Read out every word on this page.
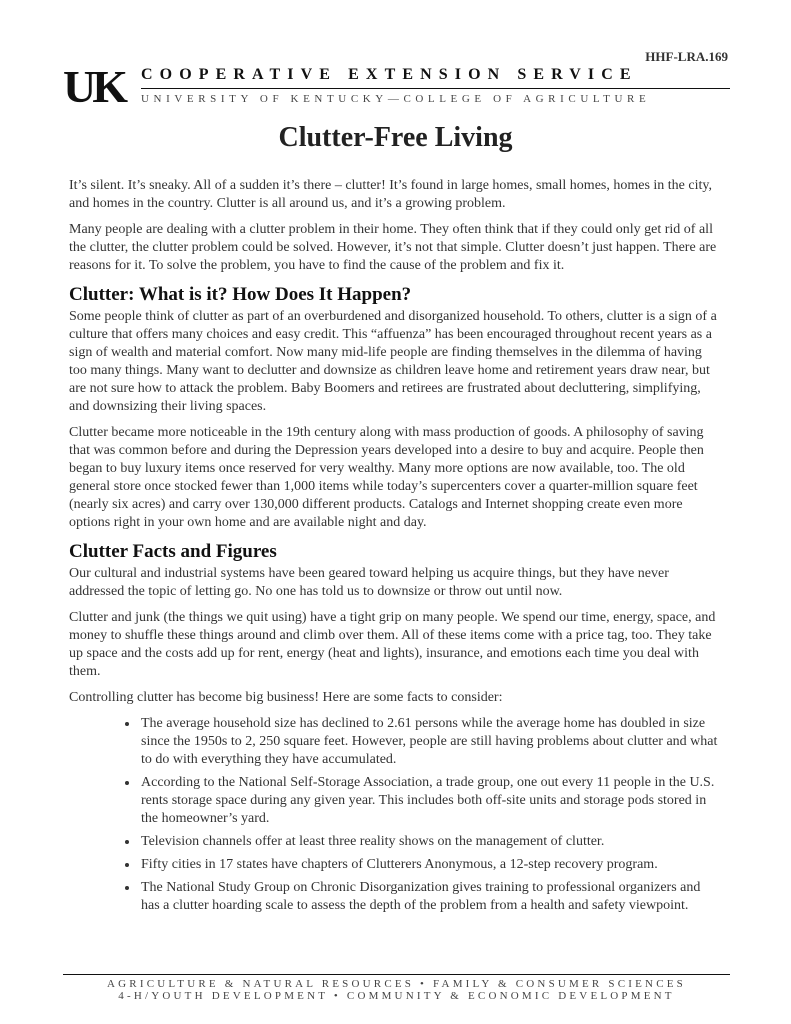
HHF-LRA.169
UK COOPERATIVE EXTENSION SERVICE
UNIVERSITY OF KENTUCKY—COLLEGE OF AGRICULTURE
Clutter-Free Living

It’s silent. It’s sneaky. All of a sudden it’s there – clutter! It’s found in large homes, small homes, homes in the city, and homes in the country. Clutter is all around us, and it’s a growing problem.

Many people are dealing with a clutter problem in their home. They often think that if they could only get rid of all the clutter, the clutter problem could be solved. However, it’s not that simple. Clutter doesn’t just happen. There are reasons for it. To solve the problem, you have to find the cause of the problem and fix it.

Clutter: What is it? How Does It Happen?

Some people think of clutter as part of an overburdened and disorganized household. To others, clutter is a sign of a culture that offers many choices and easy credit. This “affuenza” has been encouraged throughout recent years as a sign of wealth and material comfort. Now many mid-life people are finding themselves in the dilemma of having too many things. Many want to declutter and downsize as children leave home and retirement years draw near, but are not sure how to attack the problem. Baby Boomers and retirees are frustrated about decluttering, simplifying, and downsizing their living spaces.

Clutter became more noticeable in the 19th century along with mass production of goods. A philosophy of saving that was common before and during the Depression years developed into a desire to buy and acquire. People then began to buy luxury items once reserved for very wealthy. Many more options are now available, too. The old general store once stocked fewer than 1,000 items while today’s supercenters cover a quarter-million square feet (nearly six acres) and carry over 130,000 different products. Catalogs and Internet shopping create even more options right in your own home and are available night and day.

Clutter Facts and Figures

Our cultural and industrial systems have been geared toward helping us acquire things, but they have never addressed the topic of letting go. No one has told us to downsize or throw out until now.

Clutter and junk (the things we quit using) have a tight grip on many people. We spend our time, energy, space, and money to shuffle these things around and climb over them. All of these items come with a price tag, too. They take up space and the costs add up for rent, energy (heat and lights), insurance, and emotions each time you deal with them.

Controlling clutter has become big business! Here are some facts to consider:

• The average household size has declined to 2.61 persons while the average home has doubled in size since the 1950s to 2, 250 square feet. However, people are still having problems about clutter and what to do with everything they have accumulated.
• According to the National Self-Storage Association, a trade group, one out every 11 people in the U.S. rents storage space during any given year. This includes both off-site units and storage pods stored in the homeowner’s yard.
• Television channels offer at least three reality shows on the management of clutter.
• Fifty cities in 17 states have chapters of Clutterers Anonymous, a 12-step recovery program.
• The National Study Group on Chronic Disorganization gives training to professional organizers and has a clutter hoarding scale to assess the depth of the problem from a health and safety viewpoint.
AGRICULTURE & NATURAL RESOURCES • FAMILY & CONSUMER SCIENCES
4-H/YOUTH DEVELOPMENT • COMMUNITY & ECONOMIC DEVELOPMENT
